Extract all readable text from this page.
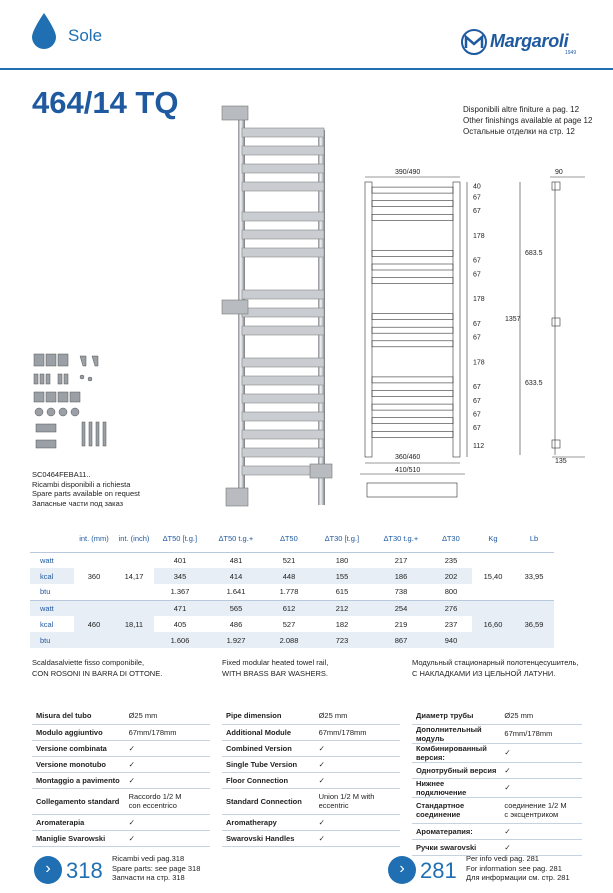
Sole	Margaroli
1949
464/14 TQ	Disponibili altre finiture a pag. 12
Other finishings available at page 12
Остальные отделки на стр. 12
390/490
360/460
410/510
90
1357
683.5
633.5
135
40
67
67
178
67
67
178
67
67
178
67
67
67
67
112
SC0464FEBA11..
Ricambi disponibili a richiesta
Spare parts available on request
Запасные части под заказ
	int. (mm)	int. (inch)	∆T50 [t.g.]	∆T50 t.g.+	∆T50	∆T30 [t.g.]	∆T30 t.g.+	∆T30	Kg	Lb
watt	360	14,17	401	481	521	180	217	235	15,40	33,95
kcal			345	414	448	155	186	202		
btu			1.367	1.641	1.778	615	738	800		
watt	460	18,11	471	565	612	212	254	276	16,60	36,59
kcal			405	486	527	182	219	237		
btu			1.606	1.927	2.088	723	867	940		
Scaldasalviette fisso componibile,
CON ROSONI IN BARRA DI OTTONE.
Fixed modular heated towel rail,
WITH BRASS BAR WASHERS.
Модульный стационарный полотенцесушитель,
С НАКЛАДКАМИ ИЗ ЦЕЛЬНОЙ ЛАТУНИ.
Misura del tubo	Ø25 mm
Modulo aggiuntivo	67mm/178mm
Versione combinata	✓
Versione monotubo	✓
Montaggio a pavimento	✓
Collegamento standard	Raccordo 1/2 M
con eccentrico
Aromaterapia	✓
Maniglie Svarowski	✓
Pipe dimension	Ø25 mm
Additional Module	67mm/178mm
Combined Version	✓
Single Tube Version	✓
Floor Connection	✓
Standard Connection	Union 1/2 M with
eccentric
Aromatherapy	✓
Swarovski Handles	✓
Диаметр трубы	Ø25 mm
Дополнительный модуль	67mm/178mm
Комбинированный версия:	✓
Однотрубный версия	✓
Нижнее подключение	✓
Стандартное соединение	соединение 1/2 M
с эксцентриком
Ароматерапия:	✓
Ручки swarovski	✓
› 318 Ricambi vedi pag.318
Spare parts: see page 318
Запчасти на стр. 318
› 281 Per info vedi pag. 281
For information see pag. 281
Для информации см. стр. 281
